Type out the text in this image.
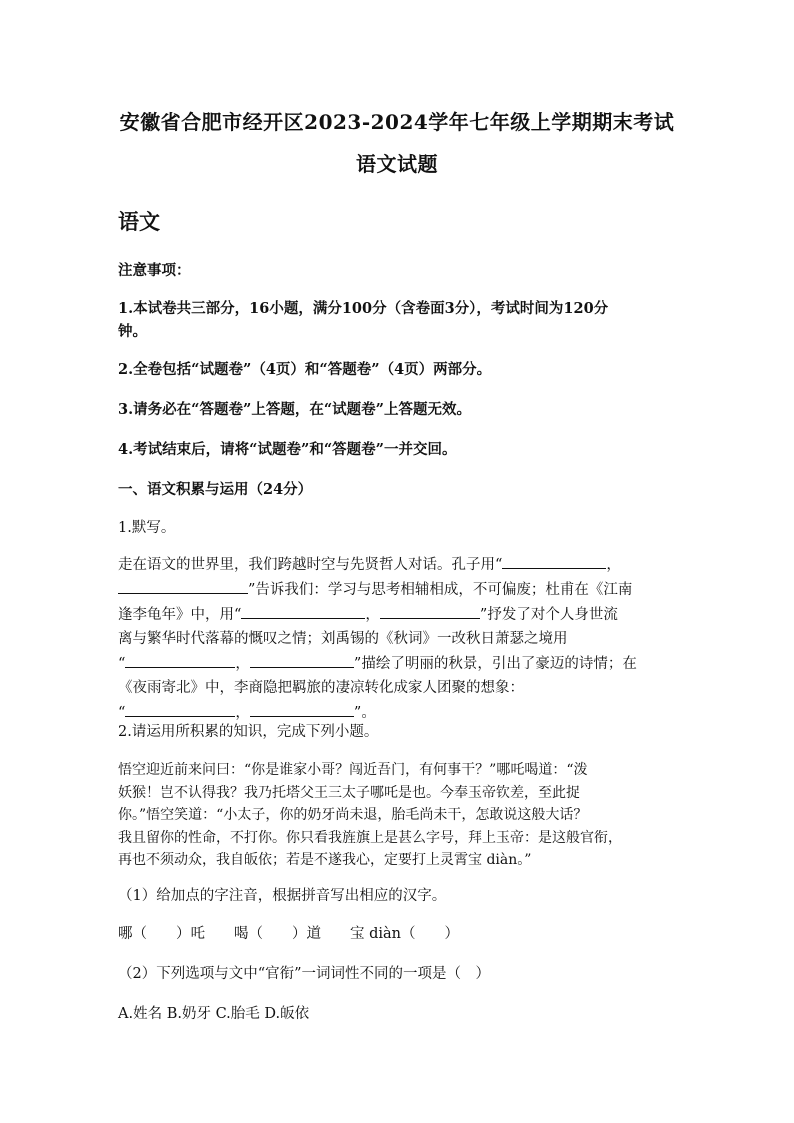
安徽省合肥市经开区2023-2024学年七年级上学期期末考试
语文试题
语文
注意事项：
1.本试卷共三部分，16小题，满分100分（含卷面3分），考试时间为120分
钟。
2.全卷包括“试题卷”（4页）和“答题卷”（4页）两部分。
3.请务必在“答题卷”上答题，在“试题卷”上答题无效。
4.考试结束后，请将“试题卷”和“答题卷”一并交回。
一、语文积累与运用（24分）
1.默写。
走在语文的世界里，我们跨越时空与先贤哲人对话。孔子用“	，
”告诉我们：学习与思考相辅相成，不可偏废；杜甫在《江南
逢李龟年》中，用“	，	”抒发了对个人身世流
离与繁华时代落幕的慨叹之情；刘禹锡的《秋词》一改秋日萧瑟之境用
“	，	”描绘了明丽的秋景，引出了豪迈的诗情；在
《夜雨寄北》中，李商隐把羁旅的凄凉转化成家人团聚的想象：
“	，	”。
2.请运用所积累的知识，完成下列小题。
悟空迎近前来问曰：“你是谁家小哥？闯近吾门，有何事干？”哪吒喝道：“泼
妖猴！岂不认得我？我乃托塔父王三太子哪吒是也。今奉玉帝钦差，至此捉
你。”悟空笑道：“小太子，你的奶牙尚未退，胎毛尚未干，怎敢说这般大话？
我且留你的性命，不打你。你只看我旌旗上是甚么字号，拜上玉帝：是这般官衔，
再也不须动众，我自皈依；若是不遂我心，定要打上灵霄宝 diàn。”
（1）给加点的字注音，根据拼音写出相应的汉字。
哪（　　）吒　　喝（　　）道　　宝 diàn（　　）
（2）下列选项与文中“官衔”一词词性不同的一项是（　）
A.姓名 B.奶牙 C.胎毛 D.皈依
